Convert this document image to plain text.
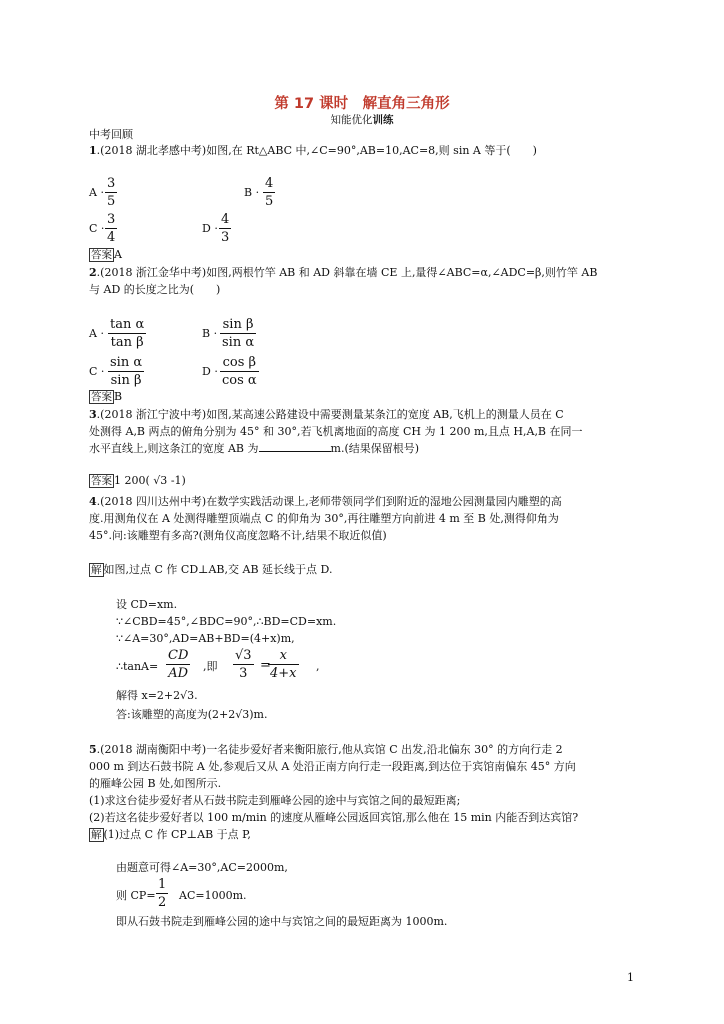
第 17 课时　解直角三角形
知能优化训练
中考回顾
1.(2018 湖北孝感中考)如图,在 Rt△ABC 中,∠C=90°,AB=10,AC=8,则 sin A 等于(　　)
A ·
3
5
B ·
4
5
C ·
3
4
D ·
4
3
答案 A
2.(2018 浙江金华中考)如图,两根竹竿 AB 和 AD 斜靠在墙 CE 上,量得∠ABC=α,∠ADC=β,则竹竿 AB
与 AD 的长度之比为(　　)
A ·
tan α
tan β
B ·
sin β
sin α
C ·
sin α
sin β
D ·
cos β
cos α
答案 B
3.(2018 浙江宁波中考)如图,某高速公路建设中需要测量某条江的宽度 AB,飞机上的测量人员在 C
处测得 A,B 两点的俯角分别为 45° 和 30°,若飞机离地面的高度 CH 为 1 200 m,且点 H,A,B 在同一
水平直线上,则这条江的宽度 AB 为	m.(结果保留根号)
答案 1 200( √3 -1)
4.(2018 四川达州中考)在数学实践活动课上,老师带领同学们到附近的湿地公园测量园内雕塑的高
度.用测角仪在 A 处测得雕塑顶端点 C 的仰角为 30°,再往雕塑方向前进 4 m 至 B 处,测得仰角为
45°.问:该雕塑有多高?(测角仪高度忽略不计,结果不取近似值)
解 如图,过点 C 作 CD⊥AB,交 AB 延长线于点 D.
设 CD=xm.
∵∠CBD=45°,∠BDC=90°,∴BD=CD=xm.
∵∠A=30°,AD=AB+BD=(4+x)m,
∴tanA=
CD
AD ,即
√3
3
=
x
4+x ,
解得 x=2+2√3.
答:该雕塑的高度为(2+2√3)m.
5.(2018 湖南衡阳中考)一名徒步爱好者来衡阳旅行,他从宾馆 C 出发,沿北偏东 30° 的方向行走 2
000 m 到达石鼓书院 A 处,参观后又从 A 处沿正南方向行走一段距离,到达位于宾馆南偏东 45° 方向
的雁峰公园 B 处,如图所示.
(1)求这台徒步爱好者从石鼓书院走到雁峰公园的途中与宾馆之间的最短距离;
(2)若这名徒步爱好者以 100 m/min 的速度从雁峰公园返回宾馆,那么他在 15 min 内能否到达宾馆?
解 (1)过点 C 作 CP⊥AB 于点 P,
由题意可得∠A=30°,AC=2000m,
则 CP=
1
2 AC=1000m.
即从石鼓书院走到雁峰公园的途中与宾馆之间的最短距离为 1000m.
1
